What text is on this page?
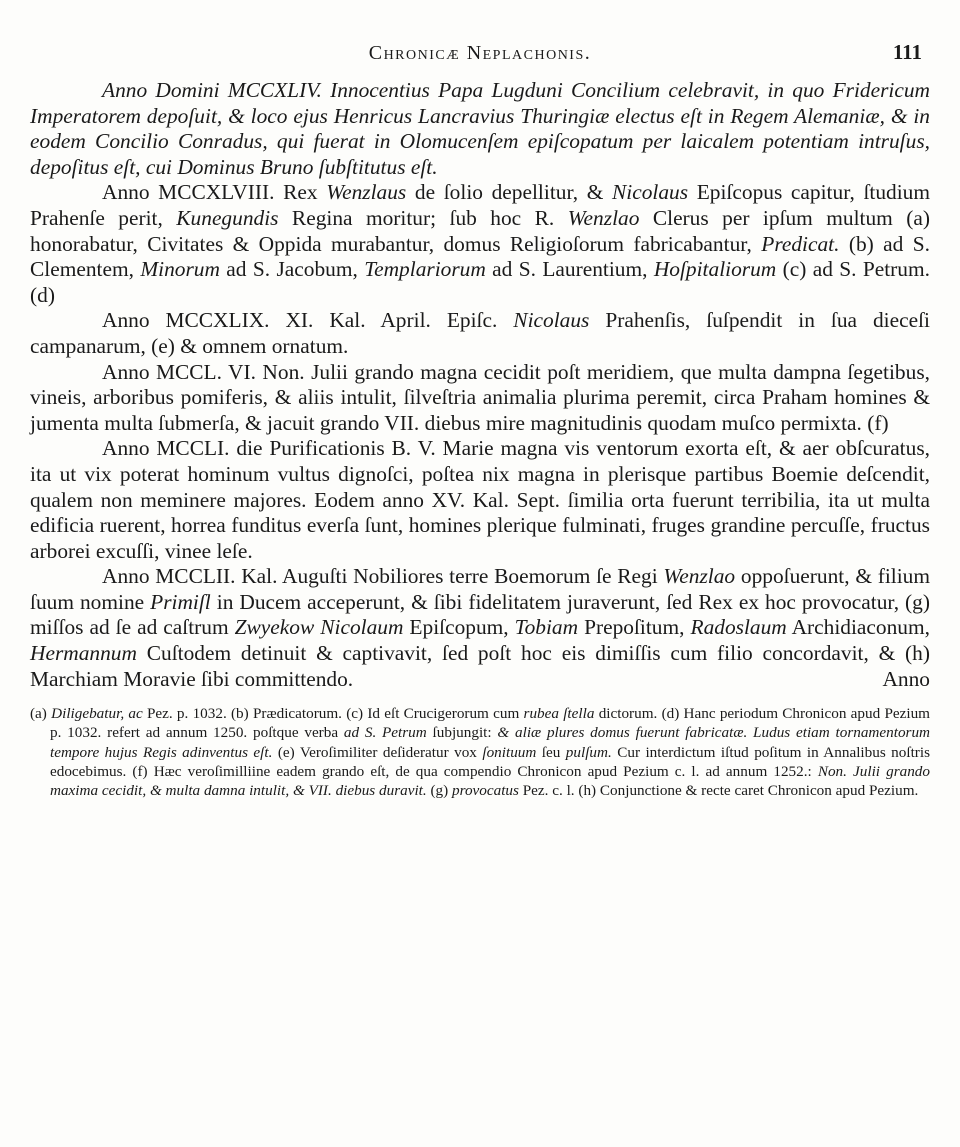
Chronicæ Neplachonis.	111

Anno Domini MCCXLIV. Innocentius Papa Lugduni Concilium celebravit, in quo Fridericum Imperatorem depoſuit, & loco ejus Henricus Lancravius Thuringiæ electus eſt in Regem Alemaniæ, & in eodem Concilio Conradus, qui fuerat in Olomucenſem epiſcopatum per laicalem potentiam intruſus, depoſitus eſt, cui Dominus Bruno ſubſtitutus eſt.

Anno MCCXLVIII. Rex Wenzlaus de ſolio depellitur, & Nicolaus Epiſcopus capitur, ſtudium Prahenſe perit, Kunegundis Regina moritur; ſub hoc R. Wenzlao Clerus per ipſum multum (a) honorabatur, Civitates & Oppida murabantur, domus Religioſorum fabricabantur, Predicat. (b) ad S. Clementem, Minorum ad S. Jacobum, Templariorum ad S. Laurentium, Hoſpitaliorum (c) ad S. Petrum. (d)

Anno MCCXLIX. XI. Kal. April. Epiſc. Nicolaus Prahenſis, ſuſpendit in ſua dieceſi campanarum, (e) & omnem ornatum.

Anno MCCL. VI. Non. Julii grando magna cecidit poſt meridiem, que multa dampna ſegetibus, vineis, arboribus pomiferis, & aliis intulit, ſilveſtria animalia plurima peremit, circa Praham homines & jumenta multa ſubmerſa, & jacuit grando VII. diebus mire magnitudinis quodam muſco permixta. (f)

Anno MCCLI. die Purificationis B. V. Marie magna vis ventorum exorta eſt, & aer obſcuratus, ita ut vix poterat hominum vultus dignoſci, poſtea nix magna in plerisque partibus Boemie deſcendit, qualem non meminere majores. Eodem anno XV. Kal. Sept. ſimilia orta fuerunt terribilia, ita ut multa edificia ruerent, horrea funditus everſa ſunt, homines plerique fulminati, fruges grandine percuſſe, fructus arborei excuſſi, vinee leſe.

Anno MCCLII. Kal. Auguſti Nobiliores terre Boemorum ſe Regi Wenzlao oppoſuerunt, & filium ſuum nomine Primiſl in Ducem acceperunt, & ſibi fidelitatem juraverunt, ſed Rex ex hoc provocatur, (g) miſſos ad ſe ad caſtrum Zwyekow Nicolaum Epiſcopum, Tobiam Prepoſitum, Radoslaum Archidiaconum, Hermannum Cuſtodem detinuit & captivavit, ſed poſt hoc eis dimiſſis cum filio concordavit, & (h) Marchiam Moravie ſibi committendo.	Anno

(a) Diligebatur, ac Pez. p. 1032. (b) Prædicatorum. (c) Id eſt Crucigerorum cum rubea ſtella dictorum. (d) Hanc periodum Chronicon apud Pezium p. 1032. refert ad annum 1250. poſtque verba ad S. Petrum ſubjungit: & aliæ plures domus fuerunt fabricatæ. Ludus etiam tornamentorum tempore hujus Regis adinventus eſt. (e) Veroſimiliter deſideratur vox ſonituum ſeu pulſum. Cur interdictum iſtud poſitum in Annalibus noſtris edocebimus. (f) Hæc veroſimilliine eadem grando eſt, de qua compendio Chronicon apud Pezium c. l. ad annum 1252.: Non. Julii grando maxima cecidit, & multa damna intulit, & VII. diebus duravit. (g) provocatus Pez. c. l. (h) Conjunctione & recte caret Chronicon apud Pezium.
